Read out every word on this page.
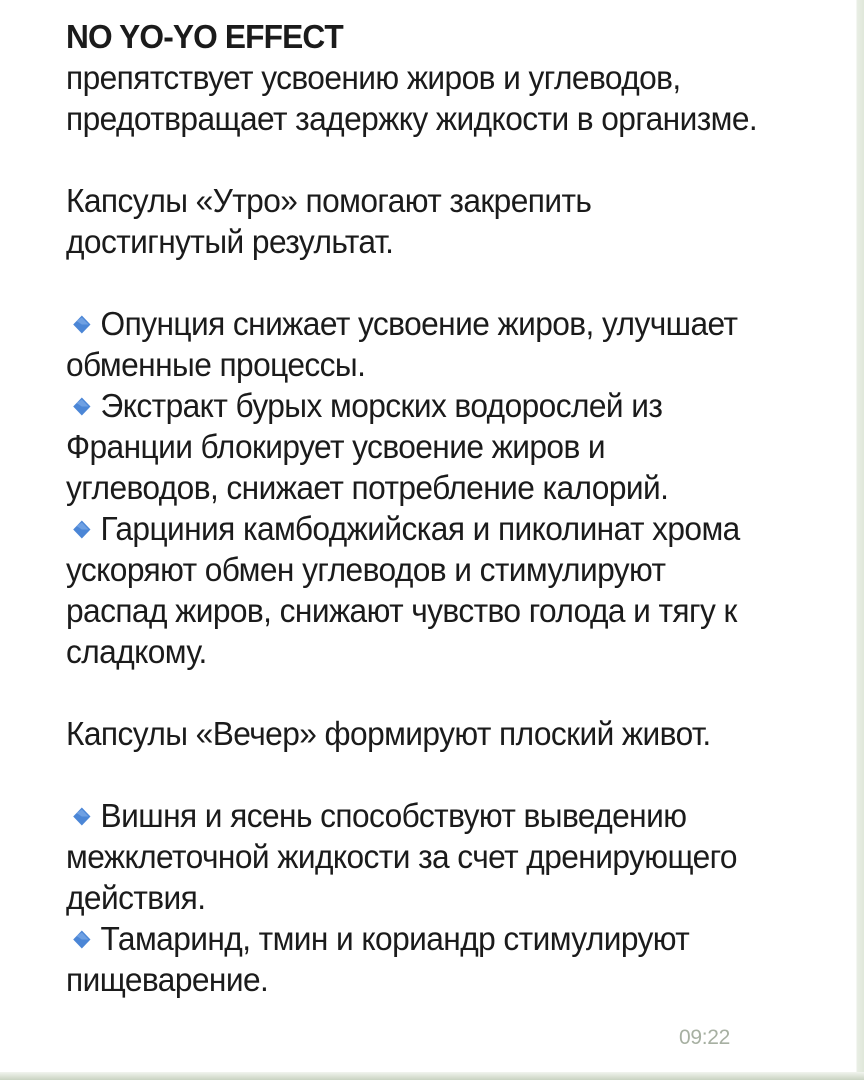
NO YO-YO EFFECT

препятствует усвоению жиров и углеводов, предотвращает задержку жидкости в организме.

Капсулы «Утро» помогают закрепить достигнутый результат.

Опунция снижает усвоение жиров, улучшает обменные процессы.

Экстракт бурых морских водорослей из Франции блокирует усвоение жиров и углеводов, снижает потребление калорий.

Гарциния камбоджийская и пиколинат хрома ускоряют обмен углеводов и стимулируют распад жиров, снижают чувство голода и тягу к сладкому.

Капсулы «Вечер» формируют плоский живот.

Вишня и ясень способствуют выведению межклеточной жидкости за счет дренирующего действия.

Тамаринд, тмин и кориандр стимулируют пищеварение.

09:22
